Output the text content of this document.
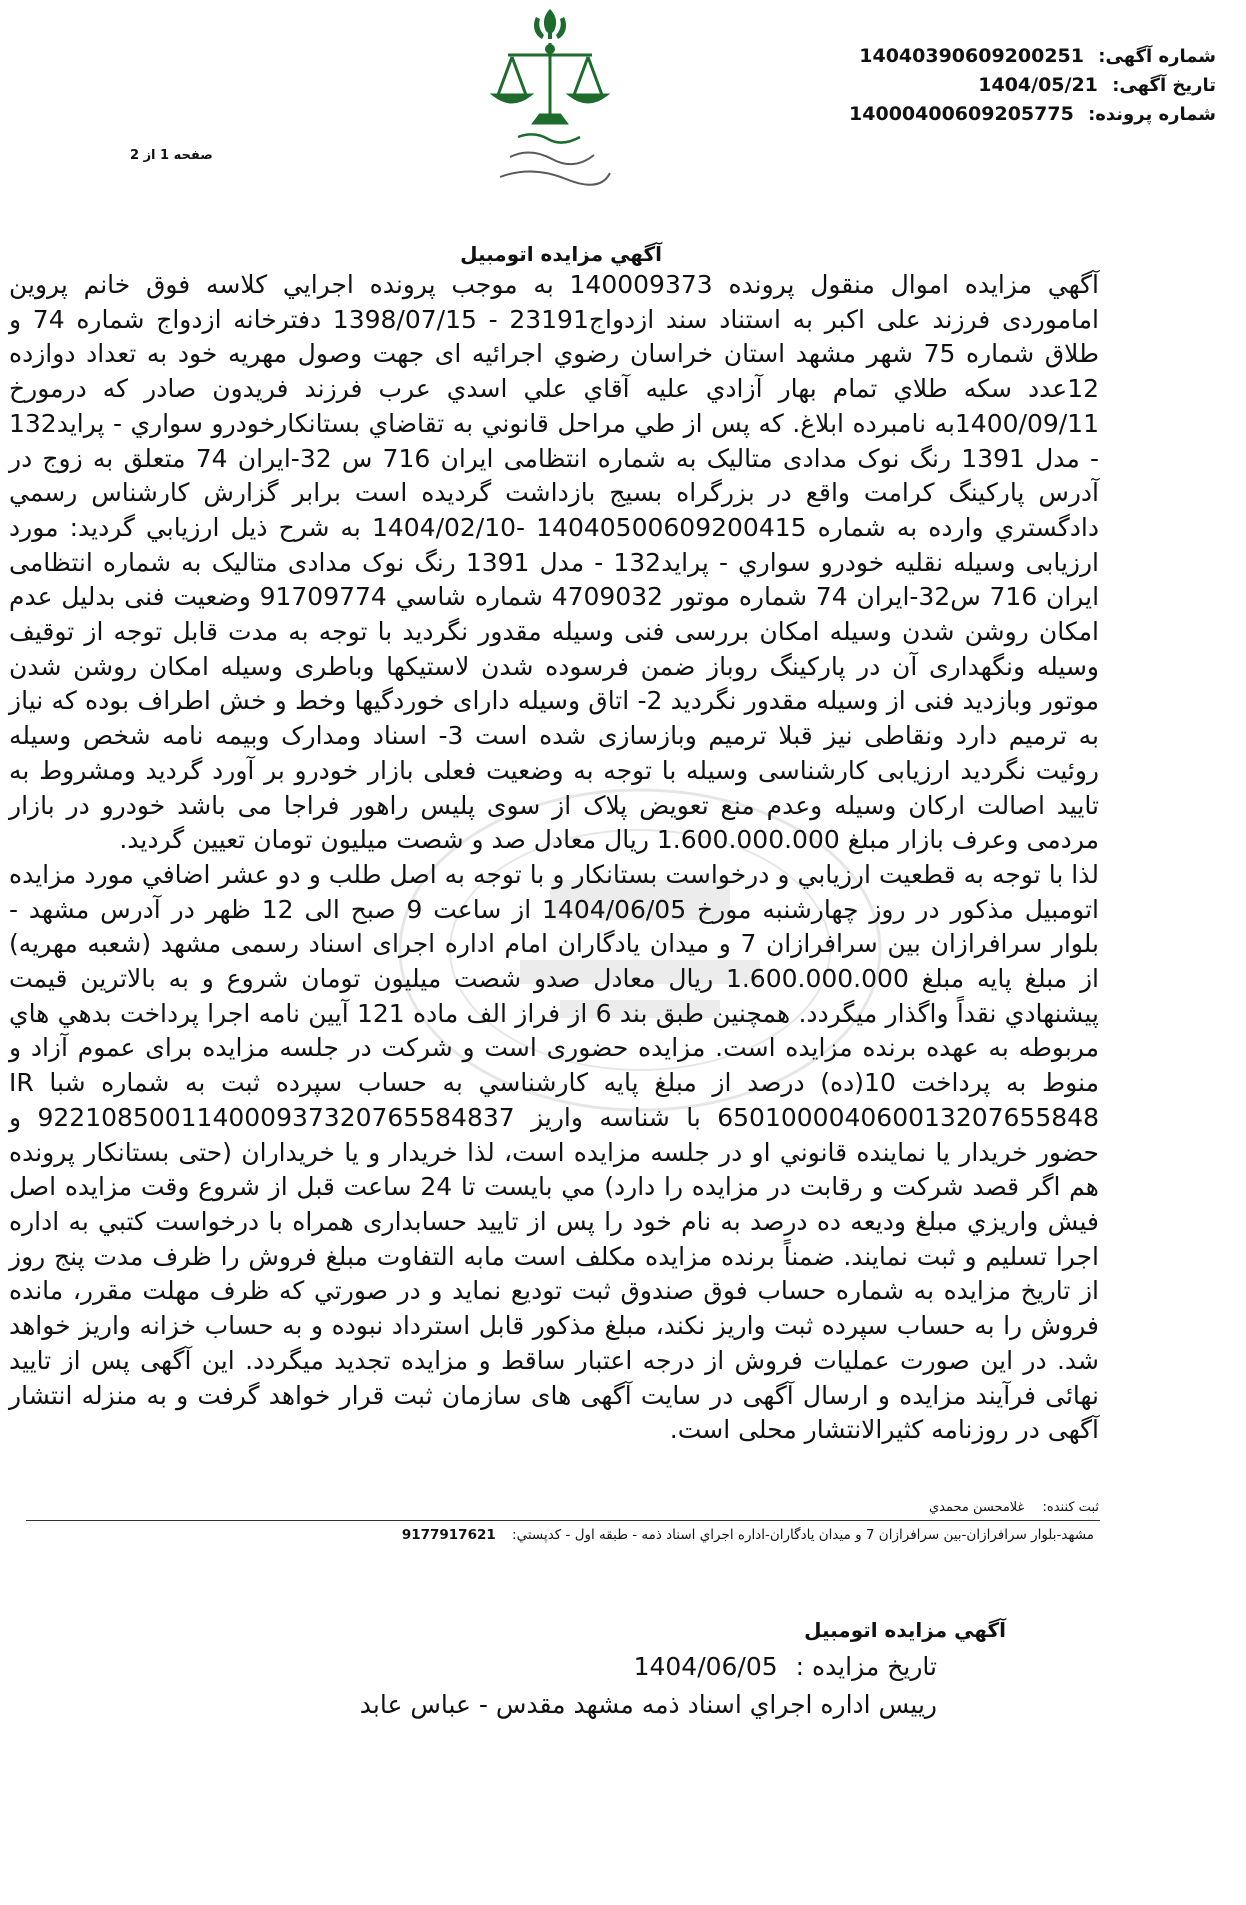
شماره آگهی: 14040390609200251
تاریخ آگهی: 1404/05/21
شماره پرونده: 14000400609205775
صفحه 1 از 2
آگهي مزايده اتومبيل

آگهي مزايده اموال منقول پرونده 140009373 به موجب پرونده اجرايي كلاسه فوق خانم پروين اماموردی فرزند علی اکبر به استناد سند ازدواج23191 - 1398/07/15 دفترخانه ازدواج شماره 74 و طلاق شماره 75 شهر مشهد استان خراسان رضوي اجرائيه ای جهت وصول مهريه خود به تعداد دوازده 12عدد سكه طلاي تمام بهار آزادي عليه آقاي علي اسدي عرب فرزند فريدون صادر كه درمورخ 1400/09/11به نامبرده ابلاغ. كه پس از طي مراحل قانوني به تقاضاي بستانكارخودرو سواري - پرايد132 - مدل 1391 رنگ نوک مدادی متالیک به شماره انتظامی ایران 716 س 32-ایران 74 متعلق به زوج در آدرس پارکینگ کرامت واقع در بزرگراه بسیج بازداشت گرديده است برابر گزارش كارشناس رسمي دادگستري وارده به شماره 14040500609200415 -1404/02/10 به شرح ذيل ارزيابي گرديد: مورد ارزیابی وسیله نقلیه خودرو سواري - پرايد132 - مدل 1391 رنگ نوک مدادی متالیک به شماره انتظامی ایران 716 س32-ایران 74 شماره موتور 4709032 شماره شاسي 91709774 وضعیت فنی بدلیل عدم امکان روشن شدن وسیله امکان بررسی فنی وسیله مقدور نگردید با توجه به مدت قابل توجه از توقیف وسیله ونگهداری آن در پارکینگ روباز ضمن فرسوده شدن لاستیکها وباطری وسیله امکان روشن شدن موتور وبازدید فنی از وسیله مقدور نگردید 2- اتاق وسیله دارای خوردگیها وخط و خش اطراف بوده که نیاز به ترمیم دارد ونقاطی نیز قبلا ترمیم وبازسازی شده است 3- اسناد ومدارک وبیمه نامه شخص وسیله روئیت نگردید ارزیابی کارشناسی وسیله با توجه به وضعیت فعلی بازار خودرو بر آورد گردید ومشروط به تایید اصالت ارکان وسیله وعدم منع تعویض پلاک از سوی پلیس راهور فراجا می باشد خودرو در بازار مردمی وعرف بازار مبلغ 1.600.000.000 ريال معادل صد و شصت میلیون تومان تعيين گرديد.

لذا با توجه به قطعيت ارزيابي و درخواست بستانكار و با توجه به اصل طلب و دو عشر اضافي مورد مزايده اتومبیل مذكور در روز چهارشنبه مورخ 1404/06/05 از ساعت 9 صبح الی 12 ظهر در آدرس مشهد - بلوار سرافرازان بين سرافرازان 7 و ميدان يادگاران امام اداره اجرای اسناد رسمی مشهد (شعبه مهريه) از مبلغ پايه مبلغ 1.600.000.000 ريال معادل صدو شصت میلیون تومان شروع و به بالاترين قيمت پيشنهادي نقداً واگذار ميگردد. همچنين طبق بند 6 از فراز الف ماده 121 آيين نامه اجرا پرداخت بدهي هاي مربوطه به عهده برنده مزايده است. مزایده حضوری است و شرکت در جلسه مزایده برای عموم آزاد و منوط به پرداخت 10(ده) درصد از مبلغ پایه کارشناسي به حساب سپرده ثبت به شماره شبا IR 650100004060013207655848 با شناسه واريز 922108500114000937320765584837 و حضور خريدار يا نماينده قانوني او در جلسه مزايده است، لذا خريدار و يا خريداران (حتی بستانکار پرونده هم اگر قصد شرکت و رقابت در مزايده را دارد) مي بايست تا 24 ساعت قبل از شروع وقت مزايده اصل فيش واريزي مبلغ وديعه ده درصد به نام خود را پس از تاييد حسابداری همراه با درخواست کتبي به اداره اجرا تسليم و ثبت نمايند. ضمناً برنده مزايده مکلف است مابه التفاوت مبلغ فروش را ظرف مدت پنج روز از تاريخ مزايده به شماره حساب فوق صندوق ثبت توديع نمايد و در صورتي كه ظرف مهلت مقرر، مانده فروش را به حساب سپرده ثبت واريز نكند، مبلغ مذكور قابل استرداد نبوده و به حساب خزانه واريز خواهد شد. در اين صورت عمليات فروش از درجه اعتبار ساقط و مزايده تجديد ميگردد. اين آگهی پس از تاييد نهائی فرآيند مزايده و ارسال آگهی در سايت آگهی های سازمان ثبت قرار خواهد گرفت و به منزله انتشار آگهی در روزنامه کثيرالانتشار محلی است.

ثبت کننده: غلامحسن محمدي
مشهد-بلوار سرافرازان-بین سرافرازان 7 و میدان یادگاران-اداره اجراي اسناد ذمه - طبقه اول - کدپستي: 9177917621
آگهي مزايده اتومبيل
تاريخ مزايده : 1404/06/05
رييس اداره اجراي اسناد ذمه مشهد مقدس - عباس عابد
